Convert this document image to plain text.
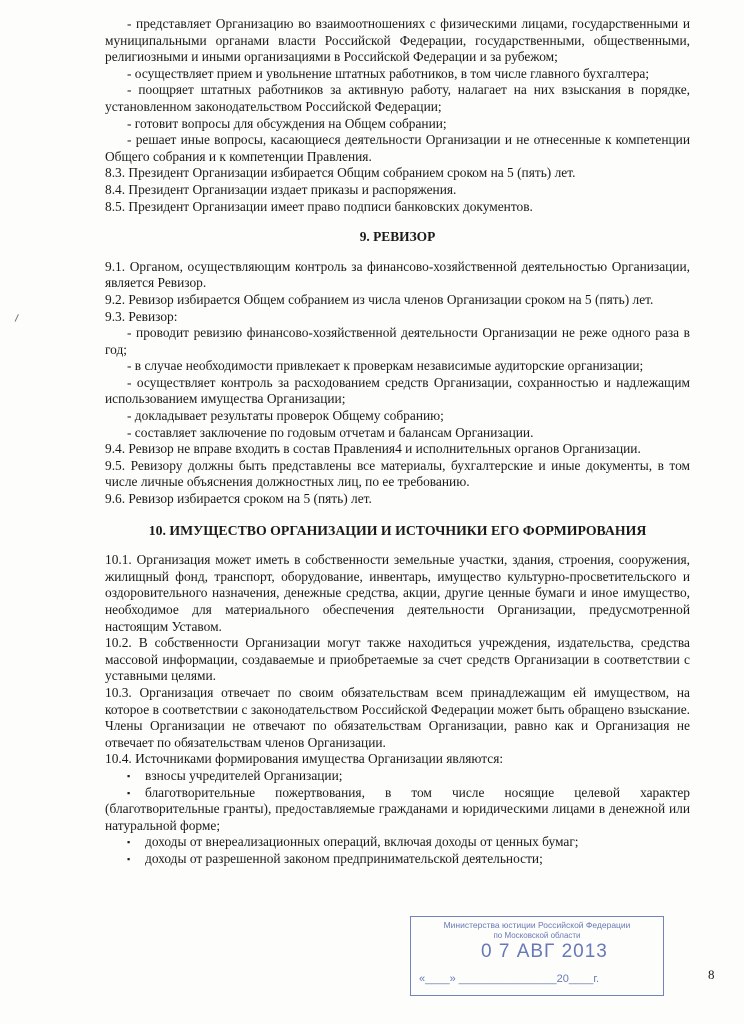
- представляет Организацию во взаимоотношениях с физическими лицами, государственными и муниципальными органами власти Российской Федерации, государственными, общественными, религиозными и иными организациями в Российской Федерации и за рубежом;

- осуществляет прием и увольнение штатных работников, в том числе главного бухгалтера;

- поощряет штатных работников за активную работу, налагает на них взыскания в порядке, установленном законодательством Российской Федерации;

- готовит вопросы для обсуждения на Общем собрании;

- решает иные вопросы, касающиеся деятельности Организации и не отнесенные к компетенции Общего собрания и к компетенции Правления.

8.3. Президент Организации избирается Общим собранием сроком на 5 (пять) лет.

8.4. Президент Организации издает приказы и распоряжения.

8.5. Президент Организации имеет право подписи банковских документов.

9. РЕВИЗОР

9.1. Органом, осуществляющим контроль за финансово-хозяйственной деятельностью Организации, является Ревизор.

9.2. Ревизор избирается Общем собранием из числа членов Организации сроком на 5 (пять) лет.

9.3. Ревизор:

- проводит ревизию финансово-хозяйственной деятельности Организации не реже одного раза в год;

- в случае необходимости привлекает к проверкам независимые аудиторские организации;

- осуществляет контроль за расходованием средств Организации, сохранностью и надлежащим использованием имущества Организации;

- докладывает результаты проверок Общему собранию;

- составляет заключение по годовым отчетам и балансам Организации.

9.4. Ревизор не вправе входить в состав Правления4 и исполнительных органов Организации.

9.5. Ревизору должны быть представлены все материалы, бухгалтерские и иные документы, в том числе личные объяснения должностных лиц, по ее требованию.

9.6. Ревизор избирается сроком на 5 (пять) лет.

10. ИМУЩЕСТВО ОРГАНИЗАЦИИ И ИСТОЧНИКИ ЕГО ФОРМИРОВАНИЯ

10.1. Организация может иметь в собственности земельные участки, здания, строения, сооружения, жилищный фонд, транспорт, оборудование, инвентарь, имущество культурно-просветительского и оздоровительного назначения, денежные средства, акции, другие ценные бумаги и иное имущество, необходимое для материального обеспечения деятельности Организации, предусмотренной настоящим Уставом.

10.2. В собственности Организации могут также находиться учреждения, издательства, средства массовой информации, создаваемые и приобретаемые за счет средств Организации в соответствии с уставными целями.

10.3. Организация отвечает по своим обязательствам всем принадлежащим ей имуществом, на которое в соответствии с законодательством Российской Федерации может быть обращено взыскание. Члены Организации не отвечают по обязательствам Организации, равно как и Организация не отвечает по обязательствам членов Организации.

10.4. Источниками формирования имущества Организации являются:

▪	взносы учредителей Организации;
▪	благотворительные пожертвования, в том числе носящие целевой характер (благотворительные гранты), предоставляемые гражданами и юридическими лицами в денежной или натуральной форме;
▪	доходы от внереализационных операций, включая доходы от ценных бумаг;
▪	доходы от разрешенной законом предпринимательской деятельности;
Министерства юстиции Российской Федерации
по Московской области
0 7 АВГ 2013
«____» ________________20____г.	8
